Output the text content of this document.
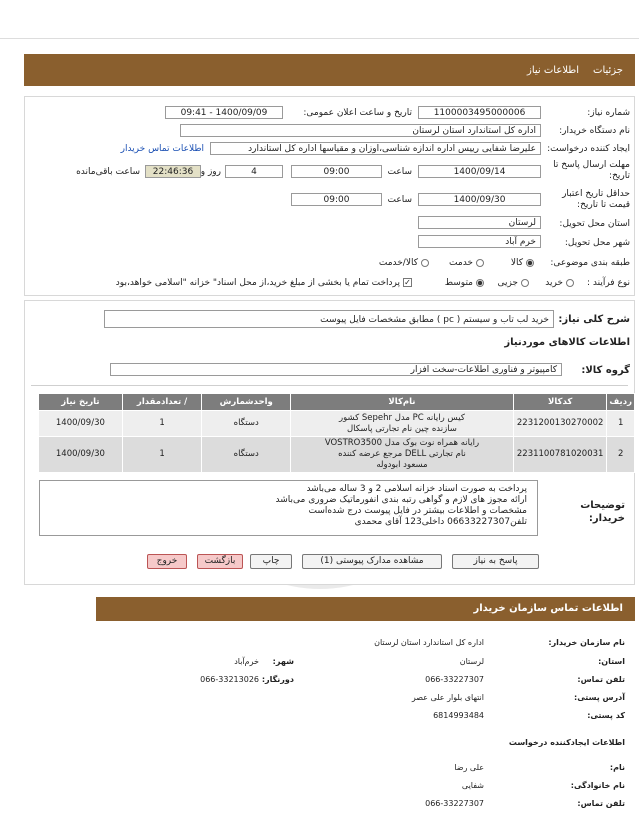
جزئیات
اطلاعات نیاز
شماره نیاز:
1100003495000006
تاریخ و ساعت اعلان عمومی:
1400/09/09 - 09:41
نام دستگاه خریدار:
اداره کل استاندارد استان لرستان
ایجاد کننده درخواست:
علیرضا شفایی رییس اداره اندازه شناسی،اوزان و مقیاسها اداره کل استاندارد
اطلاعات تماس خریدار
مهلت ارسال پاسخ تا تاریخ:
1400/09/14
ساعت
09:00
4
روز و
22:46:36
ساعت باقی‌مانده
حداقل تاریخ اعتبار قیمت تا تاریخ:
1400/09/30
ساعت
09:00
استان محل تحویل:
لرستان
شهر محل تحویل:
خرم آباد
طبقه بندی موضوعی:
کالا
خدمت
کالا/خدمت
نوع فرآیند :
خرید
جزیی
متوسط
✓پرداخت تمام یا بخشی از مبلغ خرید،از محل اسناد" خزانه "اسلامی خواهد،بود
شرح کلی نیاز:
خرید لب تاب و سیستم ( pc ) مطابق مشخصات فایل پیوست
اطلاعات کالاهای موردنیاز
گروه کالا:
کامپیوتر و فناوری اطلاعات-سخت افزار
ردیف	کدکالا	نام‌کالا	واحدشمارش	/ تعدادمقدار	تاریخ نیاز
1	2231200130270002	کیس رایانه PC مدل Sepehr کشور
سازنده چین نام تجارتی پاسکال	دستگاه	1	1400/09/30
2	2231100781020031	رایانه همراه نوت بوک مدل VOSTRO3500
نام تجارتی DELL مرجع عرضه کننده
مسعود ابودوله	دستگاه	1	1400/09/30
توضیحات خریدار:
پرداخت به صورت اسناد خزانه اسلامی 2 و 3 ساله می‌باشد
ارائه مجوز های لازم و گواهی رتبه بندی انفورماتیک ضروری می‌باشد
مشخصات و اطلاعات بیشتر در فایل پیوست درج شده‌است
تلفن06633227307 داخلی123 آقای محمدی
پاسخ به نیاز
مشاهده مدارک پیوستی (1)
چاپ
بازگشت
خروج
اطلاعات تماس سازمان خریدار
نام سازمان خریدار:
اداره کل استاندارد استان لرستان
استان:
لرستان
شهر:
خرم‌آباد
تلفن تماس:
066-33227307
دورنگار:
066-33213026
آدرس پستی:
انتهای بلوار علی عصر
کد پستی:
6814993484
اطلاعات ایجادکننده درخواست
نام:
علی رضا
نام خانوادگی:
شفایی
تلفن تماس:
066-33227307
